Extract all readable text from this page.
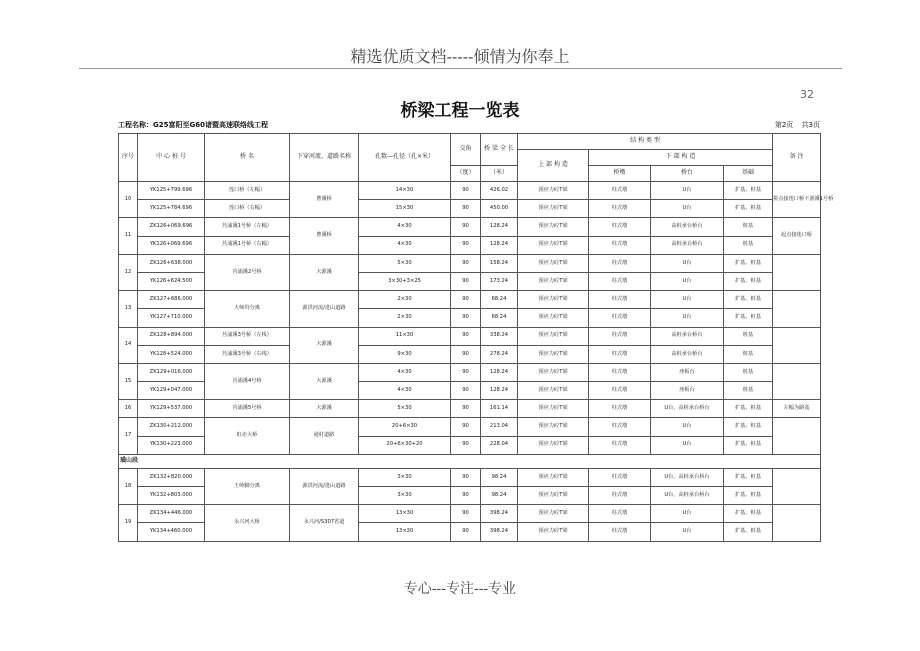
精选优质文档-----倾情为你奉上
32
桥梁工程一览表
工程名称：G25富阳至G60诸暨高速联络线工程	第2页 共3页
序号	中 心 桩 号	桥 名	下穿河流、道路名称	孔数—孔径（孔×米）	交角	桥 梁 全 长	结 构 类 型				备 注
							上 部 构 造	下 部 构 造			
					（度）	（米）		桥墩	桥台	基础	
10	YK125+799.696	莲口桥（左幅）	曹溪桥	14×30	90	426.02	预应力砼T梁	柱式墩	U台	扩基、桩基	拼点接莲口桥下游溪1号桥
	YK125+784.696	莲口桥（右幅）		15×30	90	450.00	预应力砼T梁	柱式墩	U台	扩基、桩基	
11	ZK126+069.696	莒浦溪1号桥（左幅）	曹溪桥	4×30	90	128.24	预应力砼T梁	柱式墩	高桩承台桥台	桩基	起点接莲口桥
	YK126+069.696	莒浦溪1号桥（右幅）		4×30	90	128.24	预应力砼T梁	柱式墩	高桩承台桥台	桩基	
12	ZK126+638.000	莒浦溪2号桥	大源溪	5×30	90	158.24	预应力砼T梁	柱式墩	U台	扩基、桩基	
	YK126+624.500			3×30+3×25	90	173.24	预应力砼T梁	柱式墩	U台	扩基、桩基	
13	ZK127+686.000	大师坞分离	源洪河流/进山道路	2×30	90	68.24	预应力砼T梁	柱式墩	U台	扩基、桩基	
	YK127+710.000			2×30	90	68.24	预应力砼T梁	柱式墩	U台	扩基、桩基	
14	ZK128+894.000	莒浦溪3号桥（左线）	大源溪	11×30	90	338.24	预应力砼T梁	柱式墩	高桩承台桥台	桩基	
	YK128+524.000	莒浦溪3号桥（右线）		9×30	90	278.24	预应力砼T梁	柱式墩	高桩承台桥台	桩基	
15	ZK129+016.000	莒浦溪4号桥	大源溪	4×30	90	128.24	预应力砼T梁	柱式墩	座板台	桩基	
	YK129+047.000			4×30	90	128.24	预应力砼T梁	柱式墩	座板台	桩基	
16	YK129+537.000	莒浦溪5号桥	大源溪	5×30	90	161.14	预应力砼T梁	柱式墩	U台、高桩承台桥台	扩基、桩基	左幅为路基
17	ZK130+212.000	虹赤大桥	通村道路	20+6×30	90	213.04	预应力砼T梁	柱式墩	U台	扩基、桩基	
	YK130+223.000			20+6×30+20	90	228.04	预应力砼T梁	柱式墩	U台	扩基、桩基	
璜山段											
18	ZK132+820.000	王岭脚分离	源洪河流/进山道路	3×30	90	98.24	预应力砼T梁	柱式墩	U台、高桩承台桥台	扩基、桩基	
	YK132+803.000			3×30	90	98.24	预应力砼T梁	柱式墩	U台、高桩承台桥台	扩基、桩基	
19	ZK134+446.000	永兴河大桥	永兴河/S307省道	13×30	90	398.24	预应力砼T梁	柱式墩	U台	扩基、桩基	
	YK134+460.000			13×30	90	398.24	预应力砼T梁	柱式墩	U台	扩基、桩基	
专心---专注---专业
